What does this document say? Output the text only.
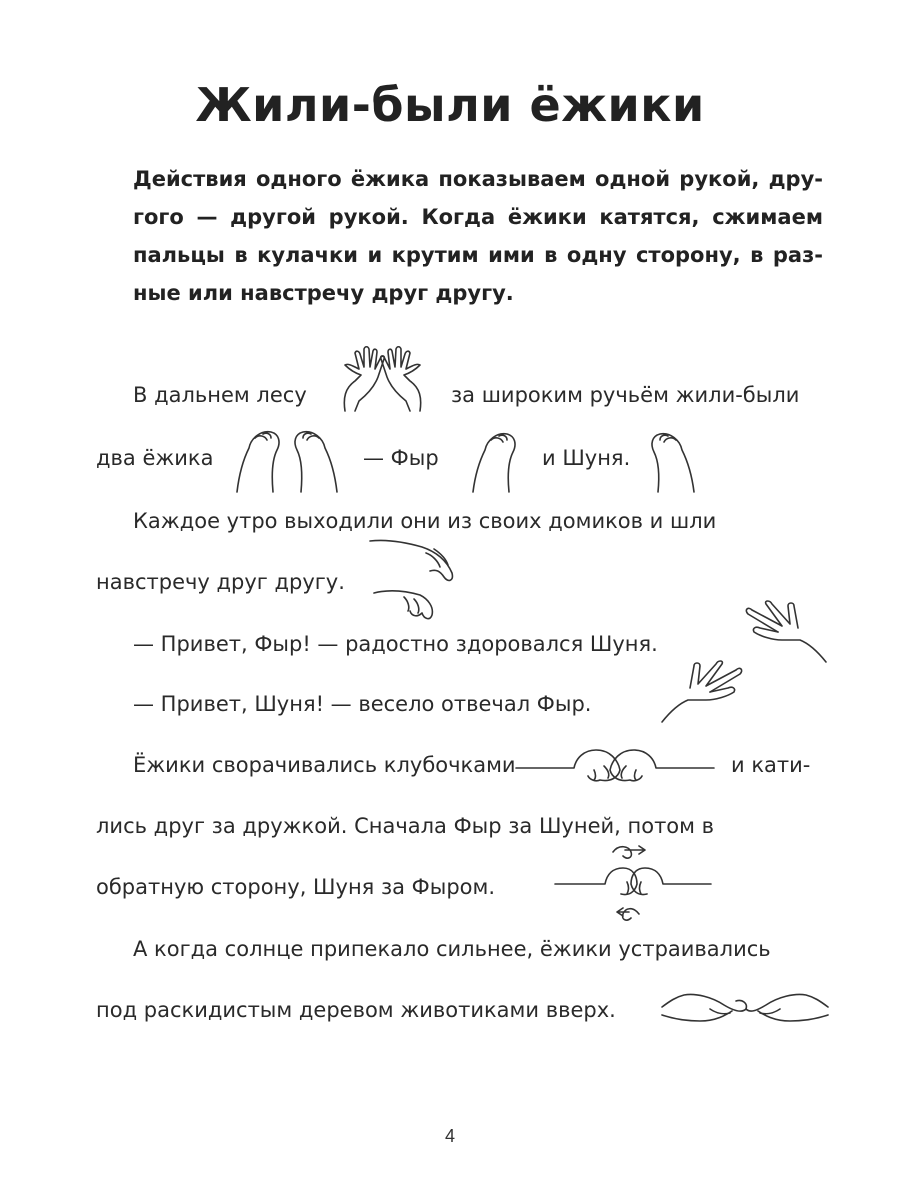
Жили-были ёжики
Действия одного ёжика показываем одной рукой, дру-
гого — другой рукой. Когда ёжики катятся, сжимаем
пальцы в кулачки и крутим ими в одну сторону, в раз-
ные или навстречу друг другу.
В дальнем лесу	за широким ручьём жили-были
два ёжика	— Фыр	и Шуня.
Каждое утро выходили они из своих домиков и шли
навстречу друг другу.
— Привет, Фыр! — радостно здоровался Шуня.
— Привет, Шуня! — весело отвечал Фыр.
Ёжики сворачивались клубочками	и кати-
лись друг за дружкой. Сначала Фыр за Шуней, потом в
обратную сторону, Шуня за Фыром.
А когда солнце припекало сильнее, ёжики устраивались
под раскидистым деревом животиками вверх.
4
